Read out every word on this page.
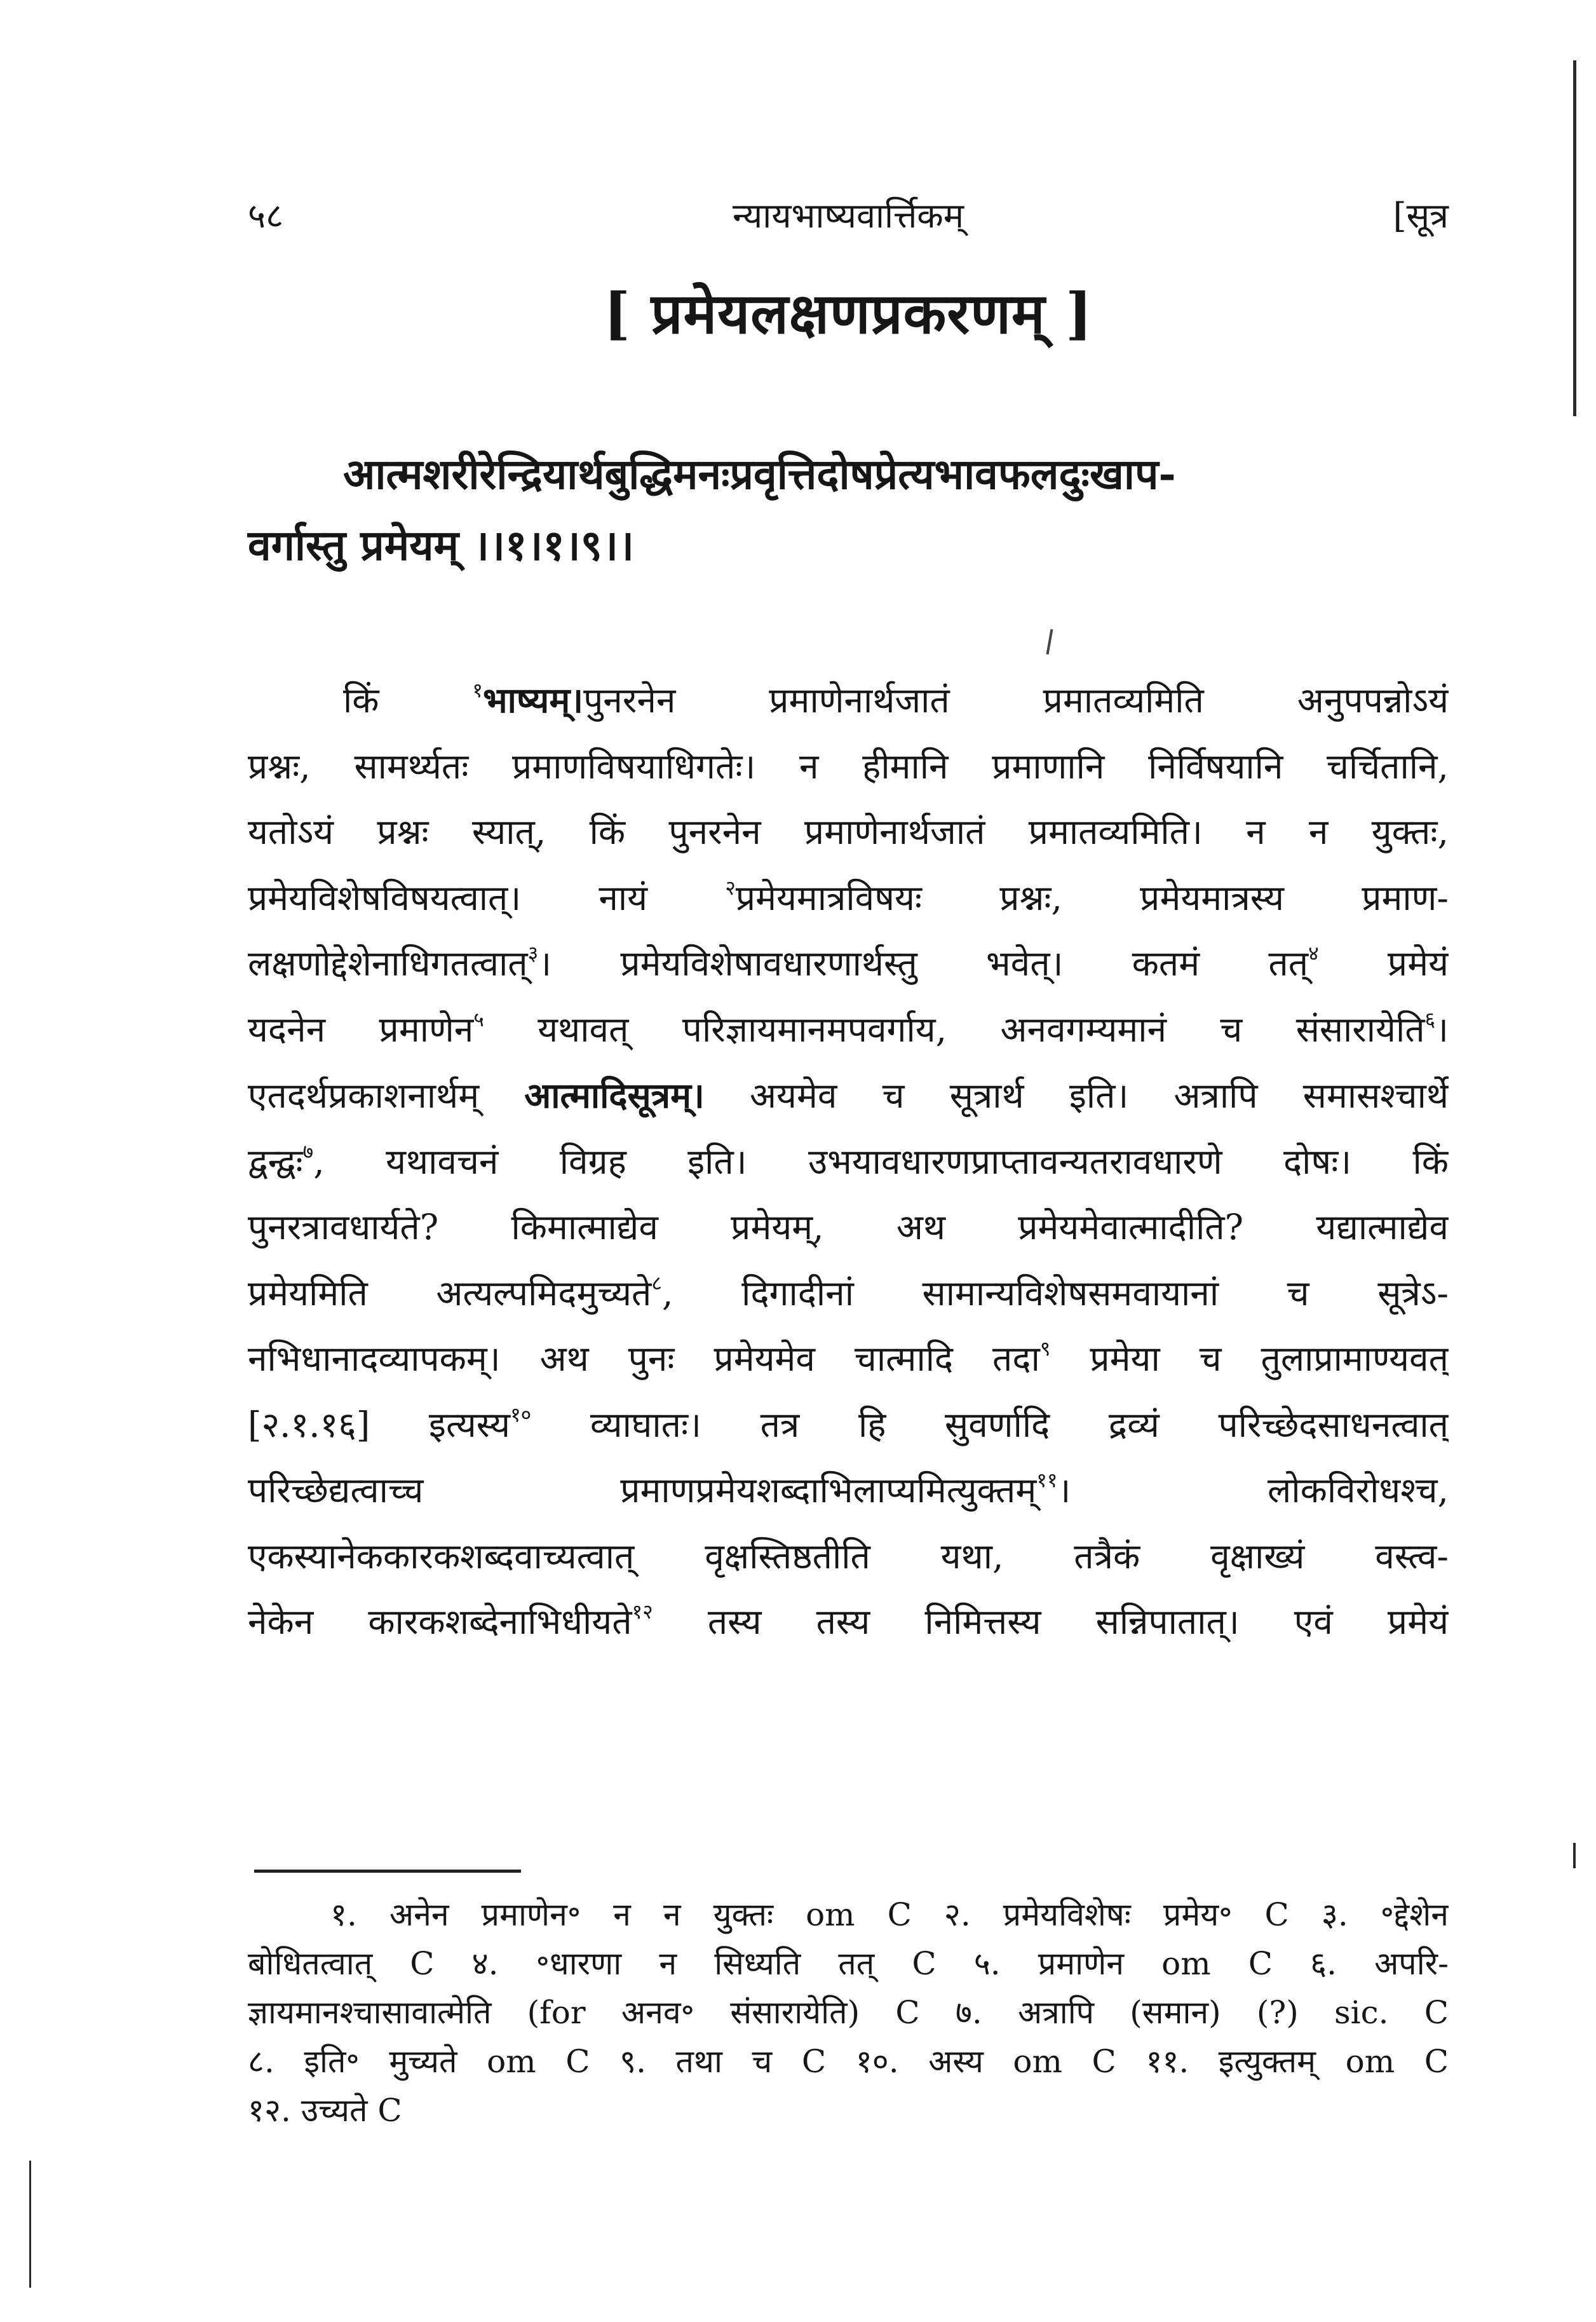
न्यायभाष्यवार्त्तिकम्
५८	[सूत्र
[ प्रमेयलक्षणप्रकरणम् ]

आत्मशरीरेन्द्रियार्थबुद्धिमनःप्रवृत्तिदोषप्रेत्यभावफलदुःखाप-

वर्गास्तु प्रमेयम् ।।१।१।९।।

किं $^१$भाष्यम्।पुनरनेन प्रमाणेनार्थजातं प्रमातव्यमिति अनुपपन्नोऽयं

प्रश्नः, सामर्थ्यतः प्रमाणविषयाधिगतेः। न हीमानि प्रमाणानि निर्विषयानि चर्चितानि,

यतोऽयं प्रश्नः स्यात्, किं पुनरनेन प्रमाणेनार्थजातं प्रमातव्यमिति। न न युक्तः,

प्रमेयविशेषविषयत्वात्। नायं $^२$प्रमेयमात्रविषयः प्रश्नः, प्रमेयमात्रस्य प्रमाण-

लक्षणोद्देशेनाधिगतत्वात्$^३$। प्रमेयविशेषावधारणार्थस्तु भवेत्। कतमं तत्$^४$ प्रमेयं

यदनेन प्रमाणेन$^५$ यथावत् परिज्ञायमानमपवर्गाय, अनवगम्यमानं च संसारायेति$^६$।

एतदर्थप्रकाशनार्थम् आत्मादिसूत्रम्। अयमेव च सूत्रार्थ इति। अत्रापि समासश्चार्थे

द्वन्द्वः$^७$, यथावचनं विग्रह इति। उभयावधारणप्राप्तावन्यतरावधारणे दोषः। किं

पुनरत्रावधार्यते? किमात्माद्येव प्रमेयम्, अथ प्रमेयमेवात्मादीति? यद्यात्माद्येव

प्रमेयमिति अत्यल्पमिदमुच्यते$^८$, दिगादीनां सामान्यविशेषसमवायानां च सूत्रेऽ-

नभिधानादव्यापकम्। अथ पुनः प्रमेयमेव चात्मादि तदा$^९$ प्रमेया च तुलाप्रामाण्यवत्

[२.१.१६] इत्यस्य$^{१०}$ व्याघातः। तत्र हि सुवर्णादि द्रव्यं परिच्छेदसाधनत्वात्

परिच्छेद्यत्वाच्च प्रमाणप्रमेयशब्दाभिलाप्यमित्युक्तम्$^{११}$। लोकविरोधश्च,

एकस्यानेककारकशब्दवाच्यत्वात् वृक्षस्तिष्ठतीति यथा, तत्रैकं वृक्षाख्यं वस्त्व-

नेकेन कारकशब्देनाभिधीयते$^{१२}$ तस्य तस्य निमित्तस्य सन्निपातात्। एवं प्रमेयं

१. अनेन प्रमाणेन॰ न न युक्तः om C २. प्रमेयविशेषः प्रमेय॰ C ३. ॰द्देशेन

बोधितत्वात् C ४. ॰धारणा न सिध्यति तत् C ५. प्रमाणेन om C ६. अपरि-

ज्ञायमानश्चासावात्मेति (for अनव॰ संसारायेति) C ७. अत्रापि (समान) (?) sic. C

८. इति॰ मुच्यते om C ९. तथा च C १०. अस्य om C ११. इत्युक्तम् om C

१२. उच्यते C
